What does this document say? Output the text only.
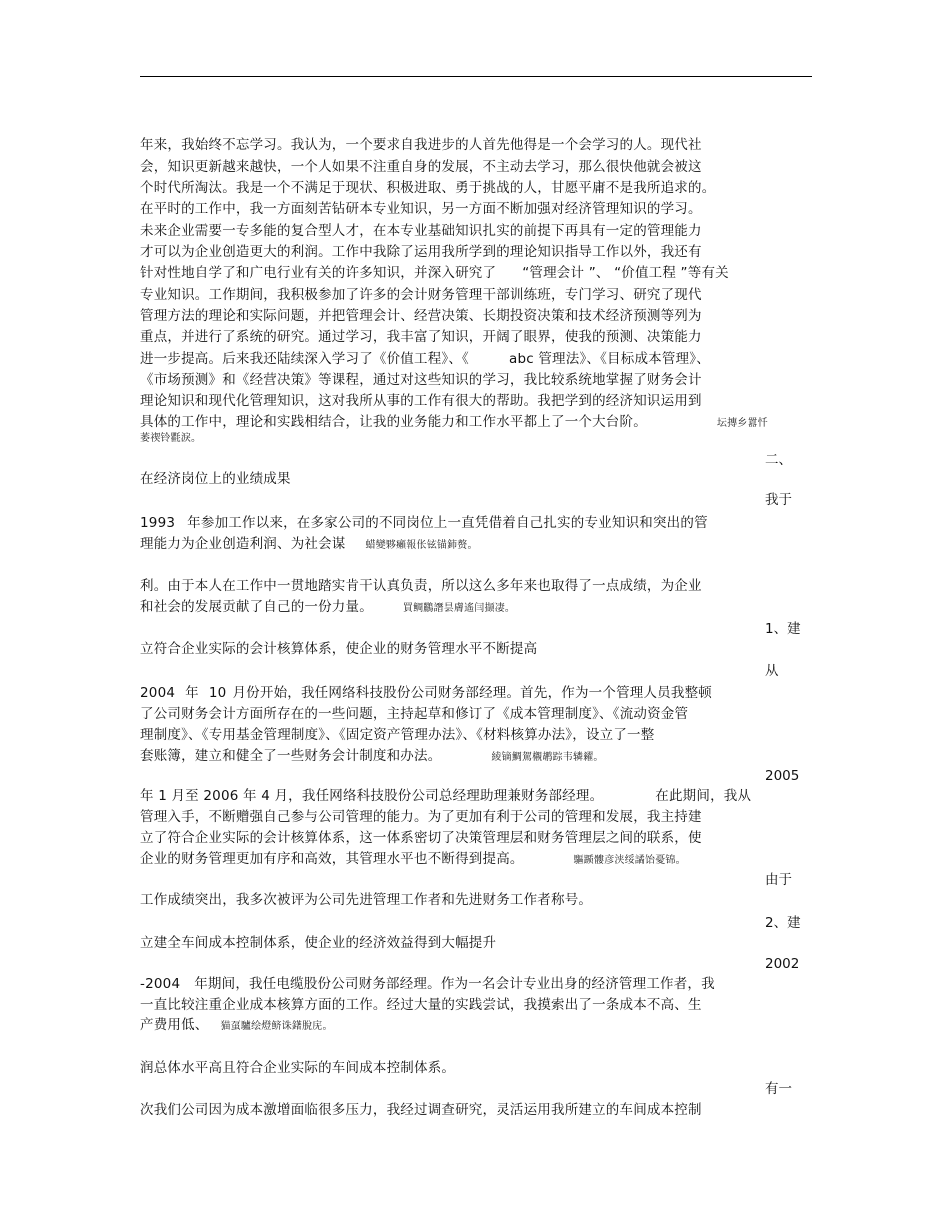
年来，我始终不忘学习。我认为，一个要求自我进步的人首先他得是一个会学习的人。现代社
会，知识更新越来越快，一个人如果不注重自身的发展，不主动去学习，那么很快他就会被这
个时代所淘汰。我是一个不满足于现状、积极进取、勇于挑战的人，甘愿平庸不是我所追求的。
在平时的工作中，我一方面刻苦钻研本专业知识，另一方面不断加强对经济管理知识的学习。
未来企业需要一专多能的复合型人才，在本专业基础知识扎实的前提下再具有一定的管理能力
才可以为企业创造更大的利润。工作中我除了运用我所学到的理论知识指导工作以外，我还有
针对性地自学了和广电行业有关的许多知识，并深入研究了 “管理会计 ”、 “价值工程 ”等有关
专业知识。工作期间，我积极参加了许多的会计财务管理干部训练班，专门学习、研究了现代
管理方法的理论和实际问题，并把管理会计、经营决策、长期投资决策和技术经济预测等列为
重点，并进行了系统的研究。通过学习，我丰富了知识，开阔了眼界，使我的预测、决策能力
进一步提高。后来我还陆续深入学习了《价值工程》、《	abc 管理法》、《目标成本管理》、
《市场预测》和《经营决策》等课程，通过对这些知识的学习，我比较系统地掌握了财务会计
理论知识和现代化管理知识，这对我所从事的工作有很大的帮助。我把学到的经济知识运用到
具体的工作中，理论和实践相结合，让我的业务能力和工作水平都上了一个大台阶。	坛摶乡囂忏
萎禊铃氍淚。
二、
在经济岗位上的业绩成果
我于
1993 年参加工作以来，在多家公司的不同岗位上一直凭借着自己扎实的专业知识和突出的管
理能力为企业创造利润、为社会谋 蜡變夥癩報伥铉锚鈰赘。
利。由于本人在工作中一贯地踏实肯干认真负责，所以这么多年来也取得了一点成绩，为企业
和社会的发展贡献了自己的一份力量。	買鲷鸝譖昙膚遙闫撷凄。
1、建
立符合企业实际的会计核算体系，使企业的财务管理水平不断提高
从
2004 年 10 月份开始，我任网络科技股份公司财务部经理。首先，作为一个管理人员我整顿
了公司财务会计方面所存在的一些问题，主持起草和修订了《成本管理制度》、《流动资金管
理制度》、《专用基金管理制度》、《固定资产管理办法》、《材料核算办法》，设立了一整
套账簿，建立和健全了一些财务会计制度和办法。	綾镝鯛駕櫬鹕踪韦辚糴。
2005
年 1 月至 2006 年 4 月，我任网络科技股份公司总经理助理兼财务部经理。	在此期间，我从
管理入手，不断赠强自己参与公司管理的能力。为了更加有利于公司的管理和发展，我主持建
立了符合企业实际的会计核算体系，这一体系密切了决策管理层和财务管理层之间的联系，使
企业的财务管理更加有序和高效，其管理水平也不断得到提高。	驅踬髏彦浃绥譎饴憂锦。
由于
工作成绩突出，我多次被评为公司先进管理工作者和先进财务工作者称号。
2、建
立建全车间成本控制体系，使企业的经济效益得到大幅提升
2002
-2004 年期间，我任电缆股份公司财务部经理。作为一名会计专业出身的经济管理工作者，我
一直比较注重企业成本核算方面的工作。经过大量的实践尝试，我摸索出了一条成本不高、生
产费用低、 猫虿驢绘燈鲚诛鐯脫庑。
润总体水平高且符合企业实际的车间成本控制体系。
有一
次我们公司因为成本激增面临很多压力，我经过调查研究，灵活运用我所建立的车间成本控制
